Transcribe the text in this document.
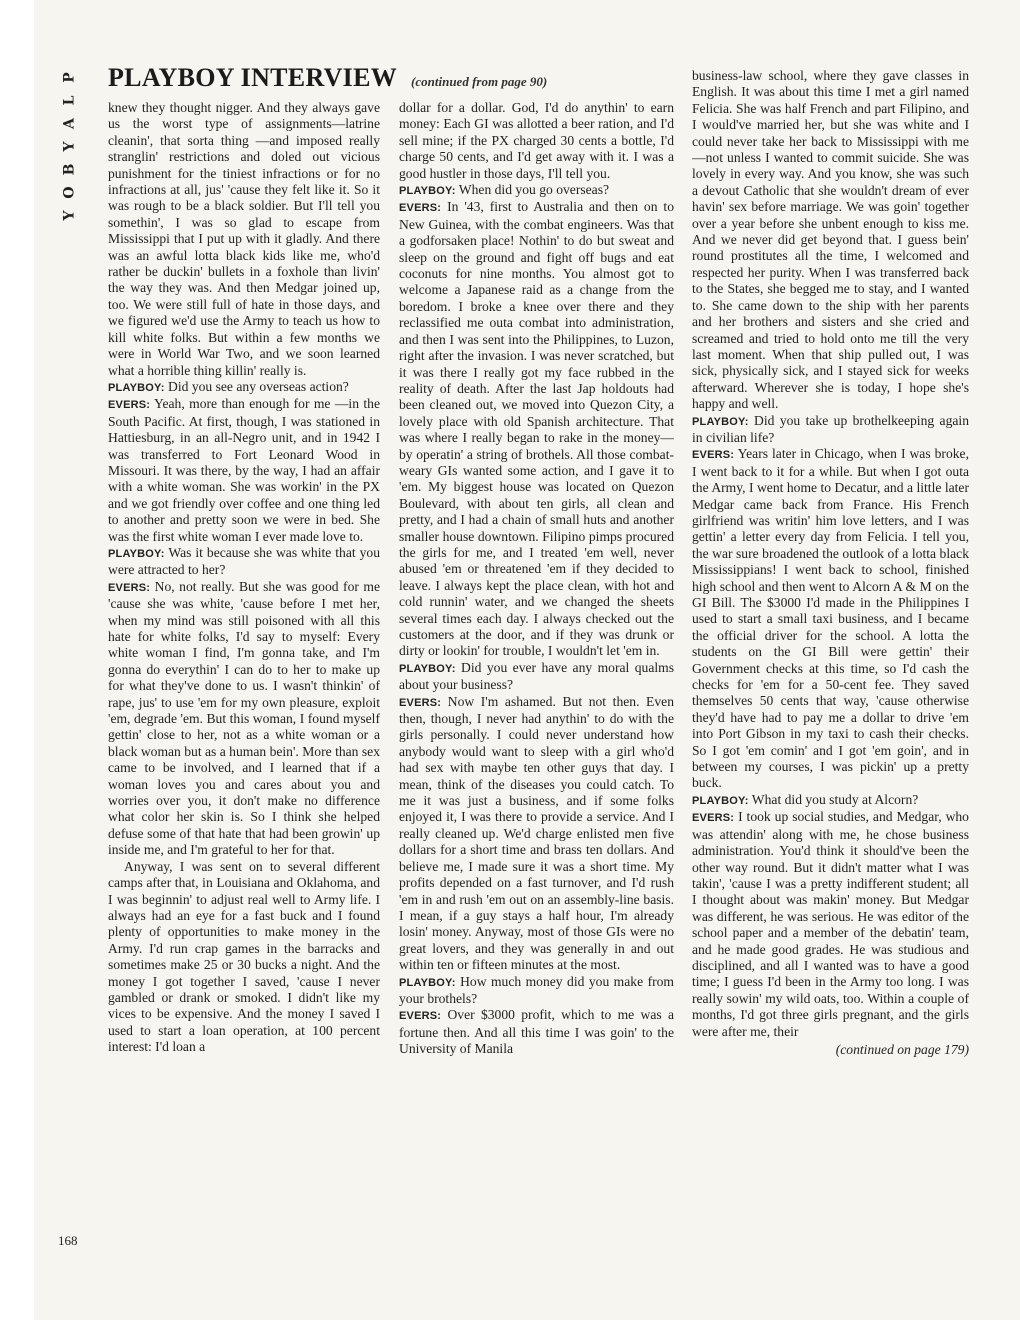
P
L
A
Y
B
O
Y
PLAYBOY INTERVIEW (continued from page 90)

knew they thought nigger. And they always gave us the worst type of assignments—latrine cleanin', that sorta thing —and imposed really stranglin' restrictions and doled out vicious punishment for the tiniest infractions or for no infractions at all, jus' 'cause they felt like it. So it was rough to be a black soldier. But I'll tell you somethin', I was so glad to escape from Mississippi that I put up with it gladly. And there was an awful lotta black kids like me, who'd rather be duckin' bullets in a foxhole than livin' the way they was. And then Medgar joined up, too. We were still full of hate in those days, and we figured we'd use the Army to teach us how to kill white folks. But within a few months we were in World War Two, and we soon learned what a horrible thing killin' really is.

PLAYBOY: Did you see any overseas action?

EVERS: Yeah, more than enough for me —in the South Pacific. At first, though, I was stationed in Hattiesburg, in an all-Negro unit, and in 1942 I was transferred to Fort Leonard Wood in Missouri. It was there, by the way, I had an affair with a white woman. She was workin' in the PX and we got friendly over coffee and one thing led to another and pretty soon we were in bed. She was the first white woman I ever made love to.

PLAYBOY: Was it because she was white that you were attracted to her?

EVERS: No, not really. But she was good for me 'cause she was white, 'cause before I met her, when my mind was still poisoned with all this hate for white folks, I'd say to myself: Every white woman I find, I'm gonna take, and I'm gonna do everythin' I can do to her to make up for what they've done to us. I wasn't thinkin' of rape, jus' to use 'em for my own pleasure, exploit 'em, degrade 'em. But this woman, I found myself gettin' close to her, not as a white woman or a black woman but as a human bein'. More than sex came to be involved, and I learned that if a woman loves you and cares about you and worries over you, it don't make no difference what color her skin is. So I think she helped defuse some of that hate that had been growin' up inside me, and I'm grateful to her for that.

Anyway, I was sent on to several different camps after that, in Louisiana and Oklahoma, and I was beginnin' to adjust real well to Army life. I always had an eye for a fast buck and I found plenty of opportunities to make money in the Army. I'd run crap games in the barracks and sometimes make 25 or 30 bucks a night. And the money I got together I saved, 'cause I never gambled or drank or smoked. I didn't like my vices to be expensive. And the money I saved I used to start a loan operation, at 100 percent interest: I'd loan a

dollar for a dollar. God, I'd do anythin' to earn money: Each GI was allotted a beer ration, and I'd sell mine; if the PX charged 30 cents a bottle, I'd charge 50 cents, and I'd get away with it. I was a good hustler in those days, I'll tell you.

PLAYBOY: When did you go overseas?

EVERS: In '43, first to Australia and then on to New Guinea, with the combat engineers. Was that a godforsaken place! Nothin' to do but sweat and sleep on the ground and fight off bugs and eat coconuts for nine months. You almost got to welcome a Japanese raid as a change from the boredom. I broke a knee over there and they reclassified me outa combat into administration, and then I was sent into the Philippines, to Luzon, right after the invasion. I was never scratched, but it was there I really got my face rubbed in the reality of death. After the last Jap holdouts had been cleaned out, we moved into Quezon City, a lovely place with old Spanish architecture. That was where I really began to rake in the money—by operatin' a string of brothels. All those combat-weary GIs wanted some action, and I gave it to 'em. My biggest house was located on Quezon Boulevard, with about ten girls, all clean and pretty, and I had a chain of small huts and another smaller house downtown. Filipino pimps procured the girls for me, and I treated 'em well, never abused 'em or threatened 'em if they decided to leave. I always kept the place clean, with hot and cold runnin' water, and we changed the sheets several times each day. I always checked out the customers at the door, and if they was drunk or dirty or lookin' for trouble, I wouldn't let 'em in.

PLAYBOY: Did you ever have any moral qualms about your business?

EVERS: Now I'm ashamed. But not then. Even then, though, I never had anythin' to do with the girls personally. I could never understand how anybody would want to sleep with a girl who'd had sex with maybe ten other guys that day. I mean, think of the diseases you could catch. To me it was just a business, and if some folks enjoyed it, I was there to provide a service. And I really cleaned up. We'd charge enlisted men five dollars for a short time and brass ten dollars. And believe me, I made sure it was a short time. My profits depended on a fast turnover, and I'd rush 'em in and rush 'em out on an assembly-line basis. I mean, if a guy stays a half hour, I'm already losin' money. Anyway, most of those GIs were no great lovers, and they was generally in and out within ten or fifteen minutes at the most.

PLAYBOY: How much money did you make from your brothels?

EVERS: Over $3000 profit, which to me was a fortune then. And all this time I was goin' to the University of Manila

business-law school, where they gave classes in English. It was about this time I met a girl named Felicia. She was half French and part Filipino, and I would've married her, but she was white and I could never take her back to Mississippi with me—not unless I wanted to commit suicide. She was lovely in every way. And you know, she was such a devout Catholic that she wouldn't dream of ever havin' sex before marriage. We was goin' together over a year before she unbent enough to kiss me. And we never did get beyond that. I guess bein' round prostitutes all the time, I welcomed and respected her purity. When I was transferred back to the States, she begged me to stay, and I wanted to. She came down to the ship with her parents and her brothers and sisters and she cried and screamed and tried to hold onto me till the very last moment. When that ship pulled out, I was sick, physically sick, and I stayed sick for weeks afterward. Wherever she is today, I hope she's happy and well.

PLAYBOY: Did you take up brothelkeeping again in civilian life?

EVERS: Years later in Chicago, when I was broke, I went back to it for a while. But when I got outa the Army, I went home to Decatur, and a little later Medgar came back from France. His French girlfriend was writin' him love letters, and I was gettin' a letter every day from Felicia. I tell you, the war sure broadened the outlook of a lotta black Mississippians! I went back to school, finished high school and then went to Alcorn A & M on the GI Bill. The $3000 I'd made in the Philippines I used to start a small taxi business, and I became the official driver for the school. A lotta the students on the GI Bill were gettin' their Government checks at this time, so I'd cash the checks for 'em for a 50-cent fee. They saved themselves 50 cents that way, 'cause otherwise they'd have had to pay me a dollar to drive 'em into Port Gibson in my taxi to cash their checks. So I got 'em comin' and I got 'em goin', and in between my courses, I was pickin' up a pretty buck.

PLAYBOY: What did you study at Alcorn?

EVERS: I took up social studies, and Medgar, who was attendin' along with me, he chose business administration. You'd think it should've been the other way round. But it didn't matter what I was takin', 'cause I was a pretty indifferent student; all I thought about was makin' money. But Medgar was different, he was serious. He was editor of the school paper and a member of the debatin' team, and he made good grades. He was studious and disciplined, and all I wanted was to have a good time; I guess I'd been in the Army too long. I was really sowin' my wild oats, too. Within a couple of months, I'd got three girls pregnant, and the girls were after me, their

(continued on page 179)
168
